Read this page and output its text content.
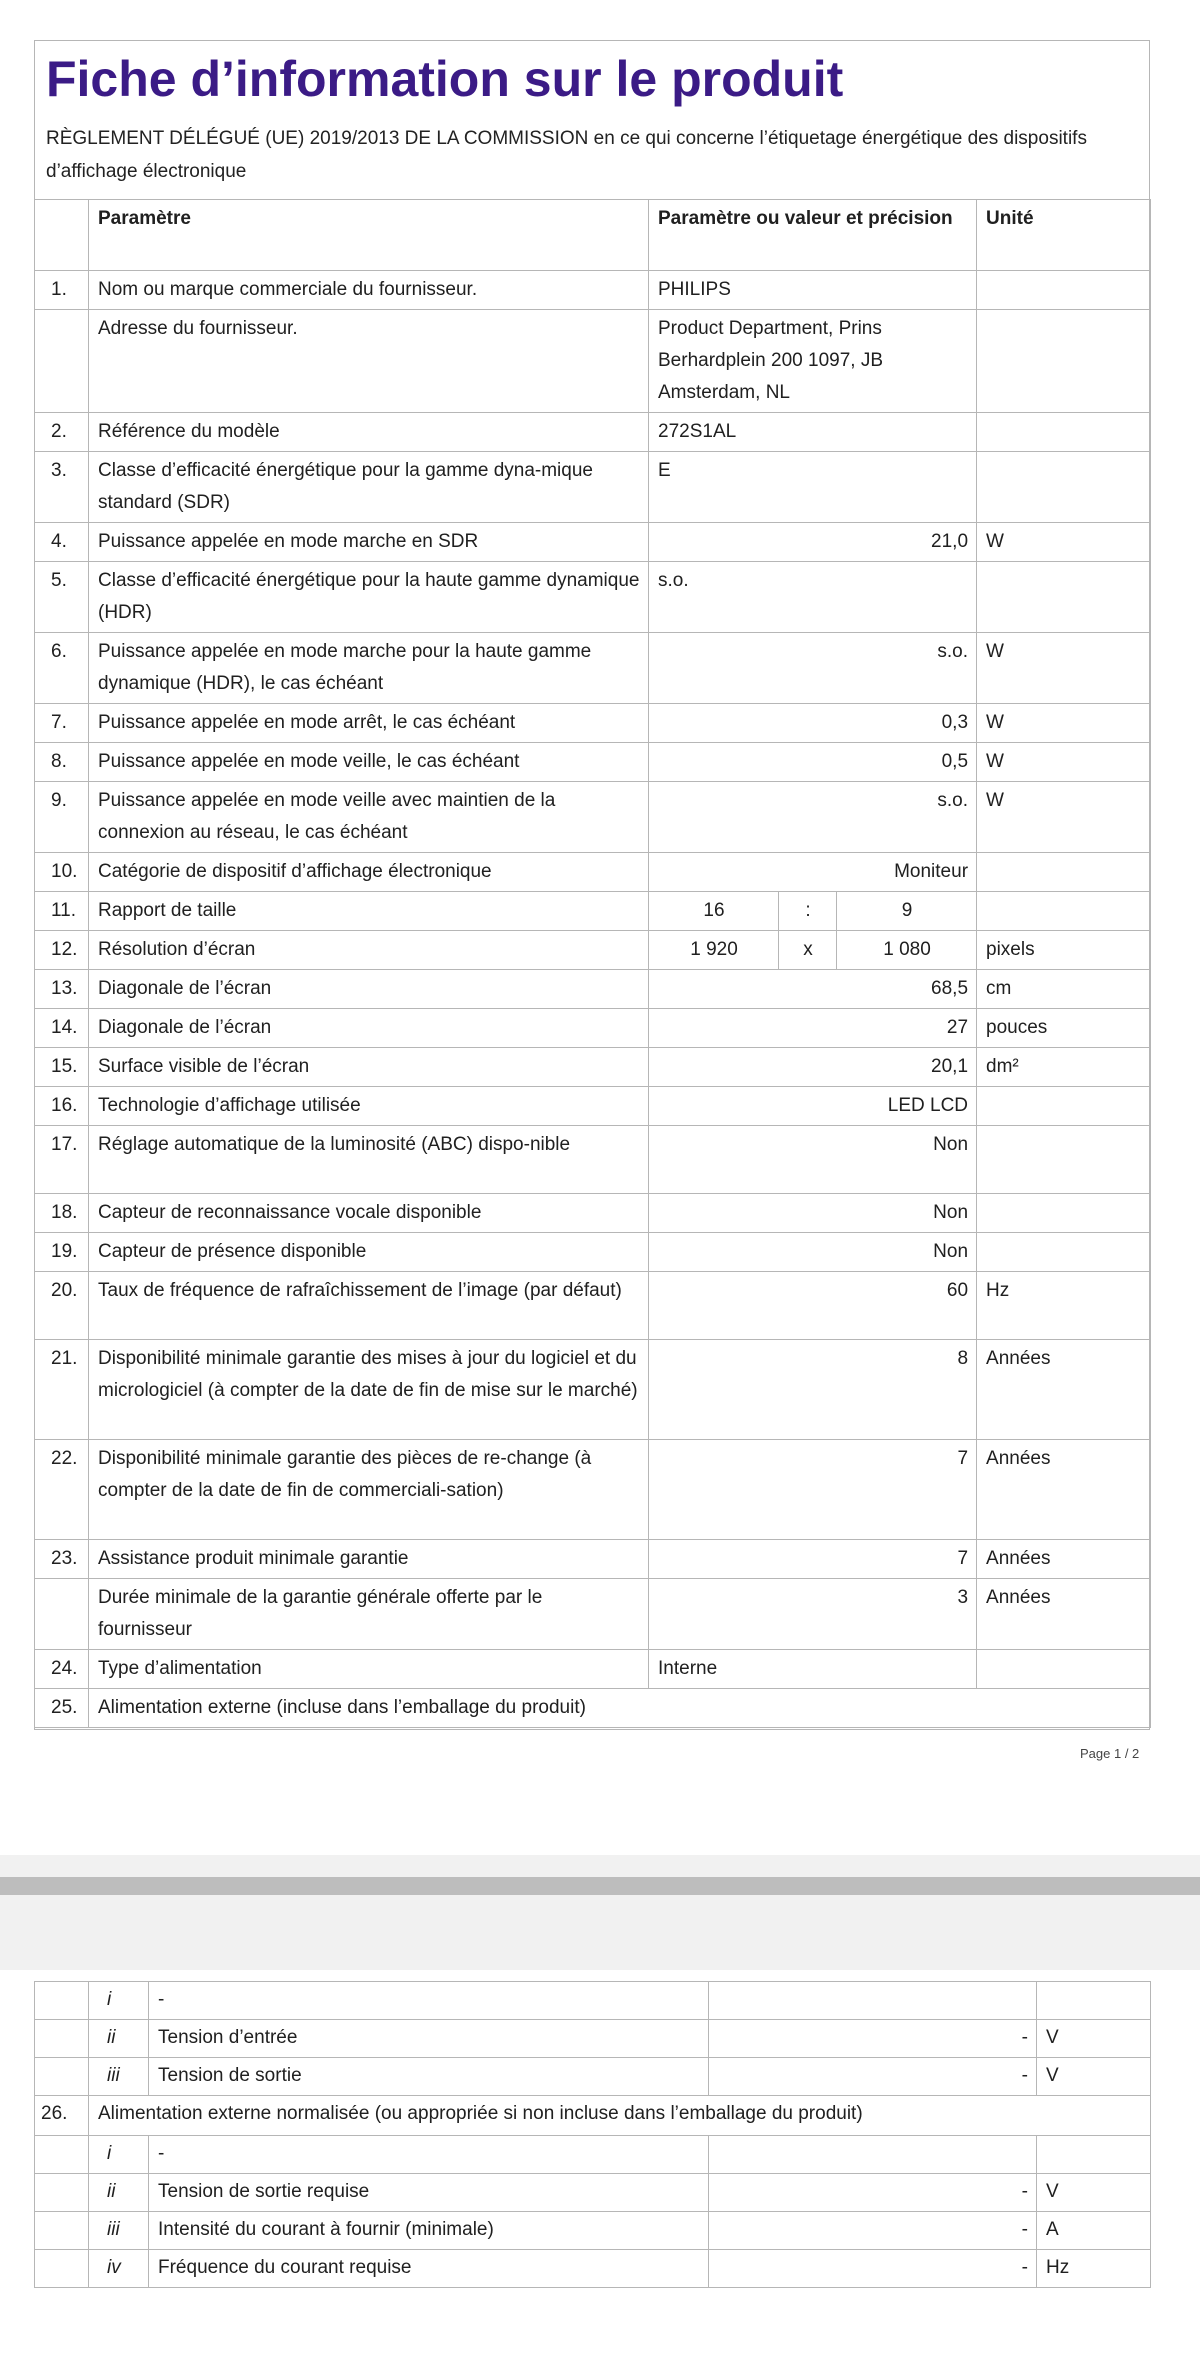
Fiche d’information sur le produit
RÈGLEMENT DÉLÉGUÉ (UE) 2019/2013 DE LA COMMISSION en ce qui concerne l’étiquetage énergétique des dispositifs d’affichage électronique
	Paramètre	Paramètre ou valeur et précision			Unité
1.	Nom ou marque commerciale du fournisseur.	PHILIPS			
	Adresse du fournisseur.	Product Department, Prins Berhardplein 200 1097, JB Amsterdam, NL			
2.	Référence du modèle	272S1AL			
3.	Classe d’efficacité énergétique pour la gamme dyna-mique standard (SDR)	E			
4.	Puissance appelée en mode marche en SDR	21,0			W
5.	Classe d’efficacité énergétique pour la haute gamme dynamique (HDR)	s.o.			
6.	Puissance appelée en mode marche pour la haute gamme dynamique (HDR), le cas échéant	s.o.			W
7.	Puissance appelée en mode arrêt, le cas échéant	0,3			W
8.	Puissance appelée en mode veille, le cas échéant	0,5			W
9.	Puissance appelée en mode veille avec maintien de la connexion au réseau, le cas échéant	s.o.			W
10.	Catégorie de dispositif d’affichage électronique	Moniteur			
11.	Rapport de taille	16	:	9	
12.	Résolution d’écran	1 920	x	1 080	pixels
13.	Diagonale de l’écran	68,5			cm
14.	Diagonale de l’écran	27			pouces
15.	Surface visible de l’écran	20,1			dm²
16.	Technologie d’affichage utilisée	LED LCD			
17.	Réglage automatique de la luminosité (ABC) dispo-nible	Non			
18.	Capteur de reconnaissance vocale disponible	Non			
19.	Capteur de présence disponible	Non			
20.	Taux de fréquence de rafraîchissement de l’image (par défaut)	60			Hz
21.	Disponibilité minimale garantie des mises à jour du logiciel et du micrologiciel (à compter de la date de fin de mise sur le marché)	8			Années
22.	Disponibilité minimale garantie des pièces de re-change (à compter de la date de fin de commerciali-sation)	7			Années
23.	Assistance produit minimale garantie	7			Années
	Durée minimale de la garantie générale offerte par le fournisseur	3			Années
24.	Type d’alimentation	Interne			
25.	Alimentation externe (incluse dans l’emballage du produit)				
Page 1 / 2
	i	-		
	ii	Tension d’entrée	-	V
	iii	Tension de sortie	-	V
26.	Alimentation externe normalisée (ou appropriée si non incluse dans l’emballage du produit)			
	i	-		
	ii	Tension de sortie requise	-	V
	iii	Intensité du courant à fournir (minimale)	-	A
	iv	Fréquence du courant requise	-	Hz
